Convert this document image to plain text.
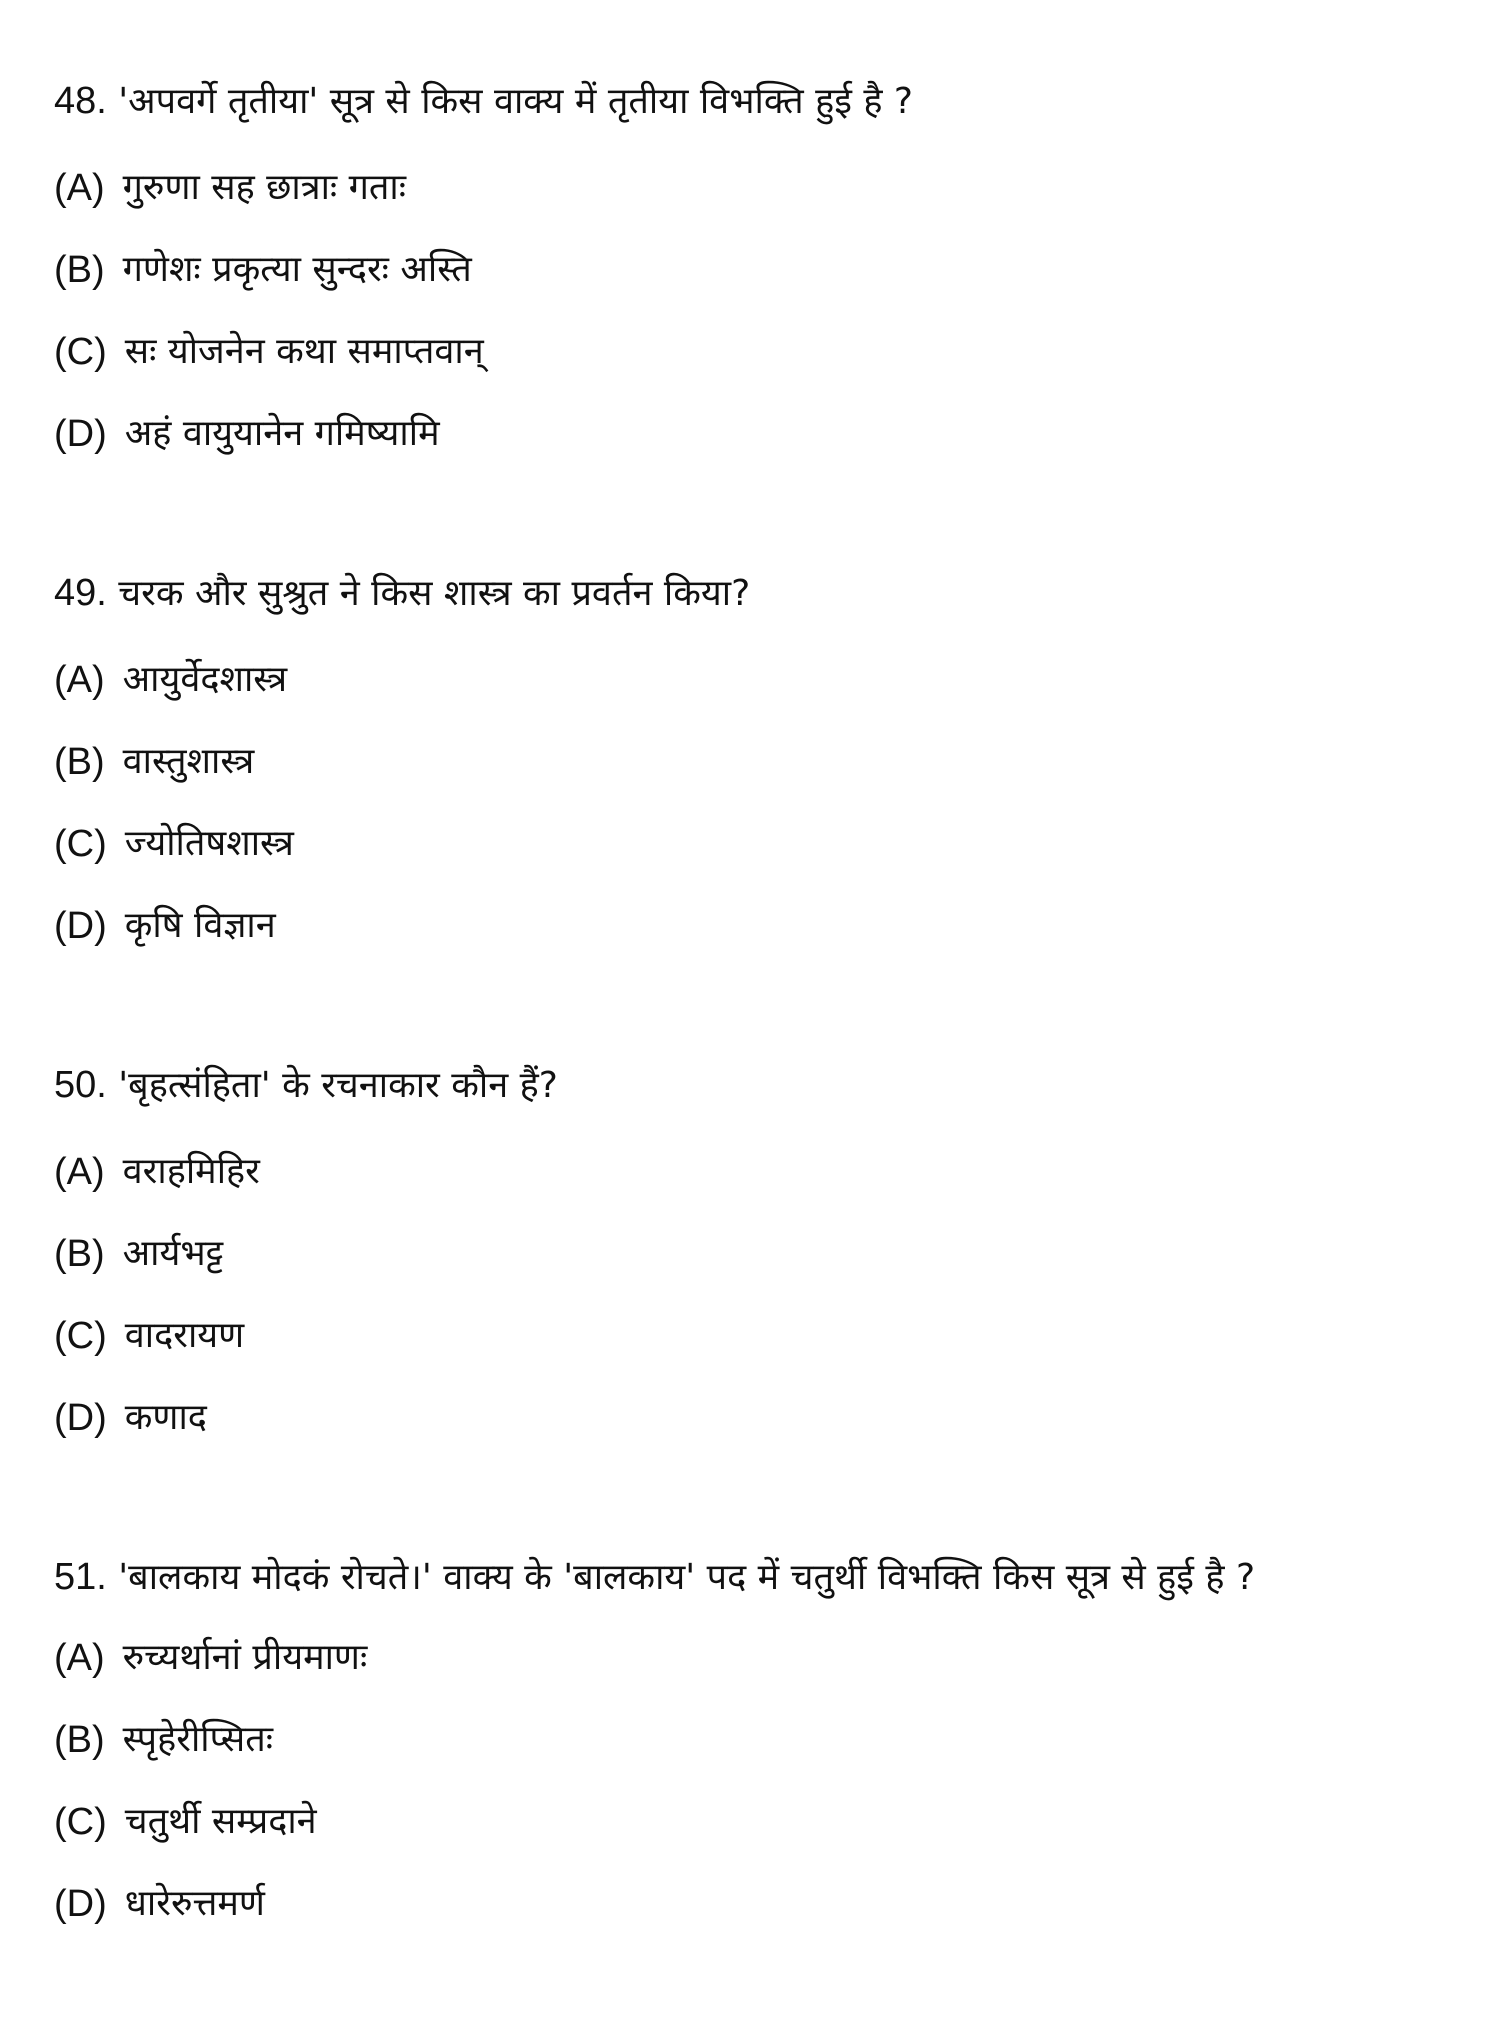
48. 'अपवर्गे तृतीया' सूत्र से किस वाक्य में तृतीया विभक्ति हुई है ?

(A) गुरुणा सह छात्राः गताः
(B) गणेशः प्रकृत्या सुन्दरः अस्ति
(C) सः योजनेन कथा समाप्तवान्
(D) अहं वायुयानेन गमिष्यामि

49. चरक और सुश्रुत ने किस शास्त्र का प्रवर्तन किया?

(A) आयुर्वेदशास्त्र
(B) वास्तुशास्त्र
(C) ज्योतिषशास्त्र
(D) कृषि विज्ञान

50. 'बृहत्संहिता' के रचनाकार कौन हैं?

(A) वराहमिहिर
(B) आर्यभट्ट
(C) वादरायण
(D) कणाद

51. 'बालकाय मोदकं रोचते।' वाक्य के 'बालकाय' पद में चतुर्थी विभक्ति किस सूत्र से हुई है ?

(A) रुच्यर्थानां प्रीयमाणः
(B) स्पृहेरीप्सितः
(C) चतुर्थी सम्प्रदाने
(D) धारेरुत्तमर्ण
